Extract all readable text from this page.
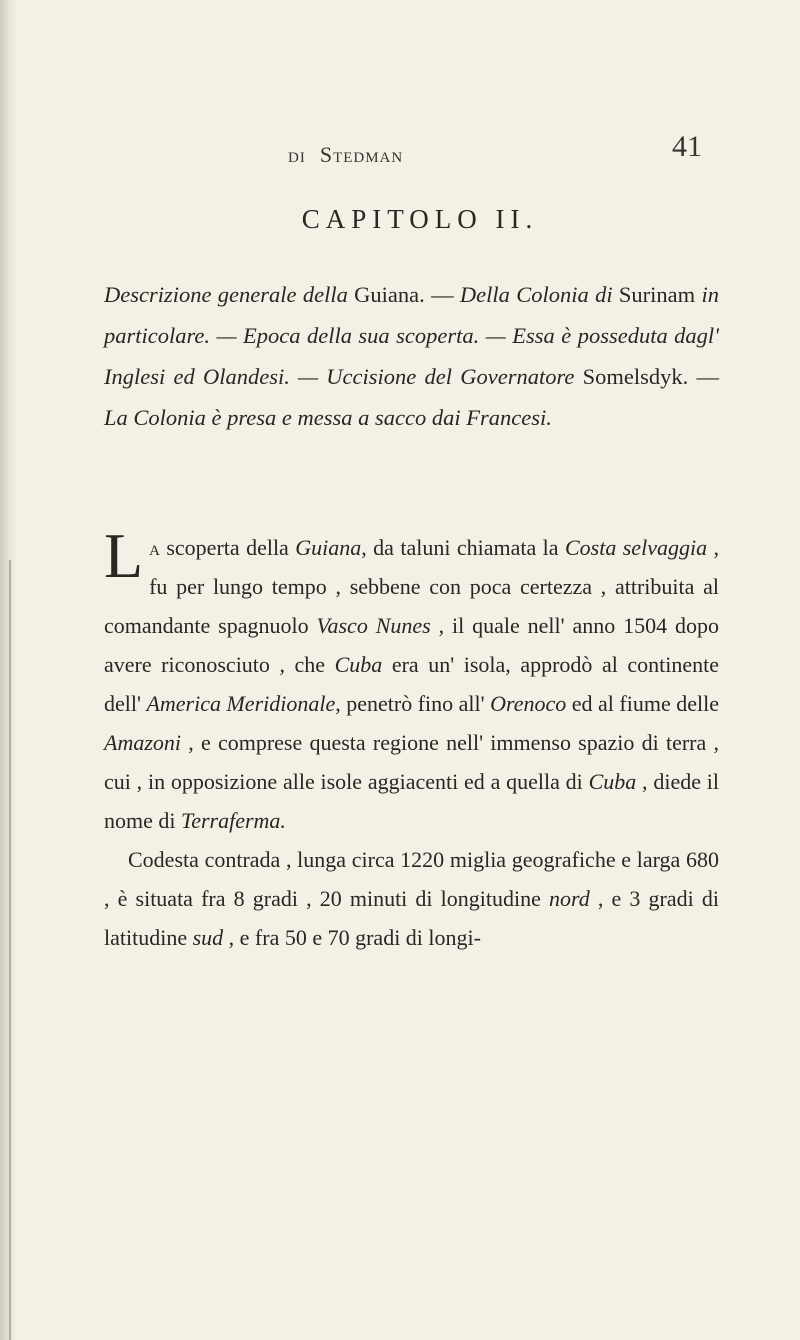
DI Stedman	41
CAPITOLO II.
Descrizione generale della Guiana. — Della Colonia di Surinam in particolare. — Epoca della sua scoperta. — Essa è posseduta dagl' Inglesi ed Olandesi. — Uccisione del Governatore Somelsdyk. — La Colonia è presa e messa a sacco dai Francesi.

La scoperta della Guiana, da taluni chiamata la Costa selvaggia , fu per lungo tempo , sebbene con poca certezza , attribuita al comandante spagnuolo Vasco Nunes , il quale nell' anno 1504 dopo avere riconosciuto , che Cuba era un' isola, approdò al continente dell' America Meridionale, penetrò fino all' Orenoco ed al fiume delle Amazoni , e comprese questa regione nell' immenso spazio di terra , cui , in opposizione alle isole aggiacenti ed a quella di Cuba , diede il nome di Terraferma.

Codesta contrada , lunga circa 1220 miglia geografiche e larga 680 , è situata fra 8 gradi , 20 minuti di longitudine nord , e 3 gradi di latitudine sud , e fra 50 e 70 gradi di longi-
